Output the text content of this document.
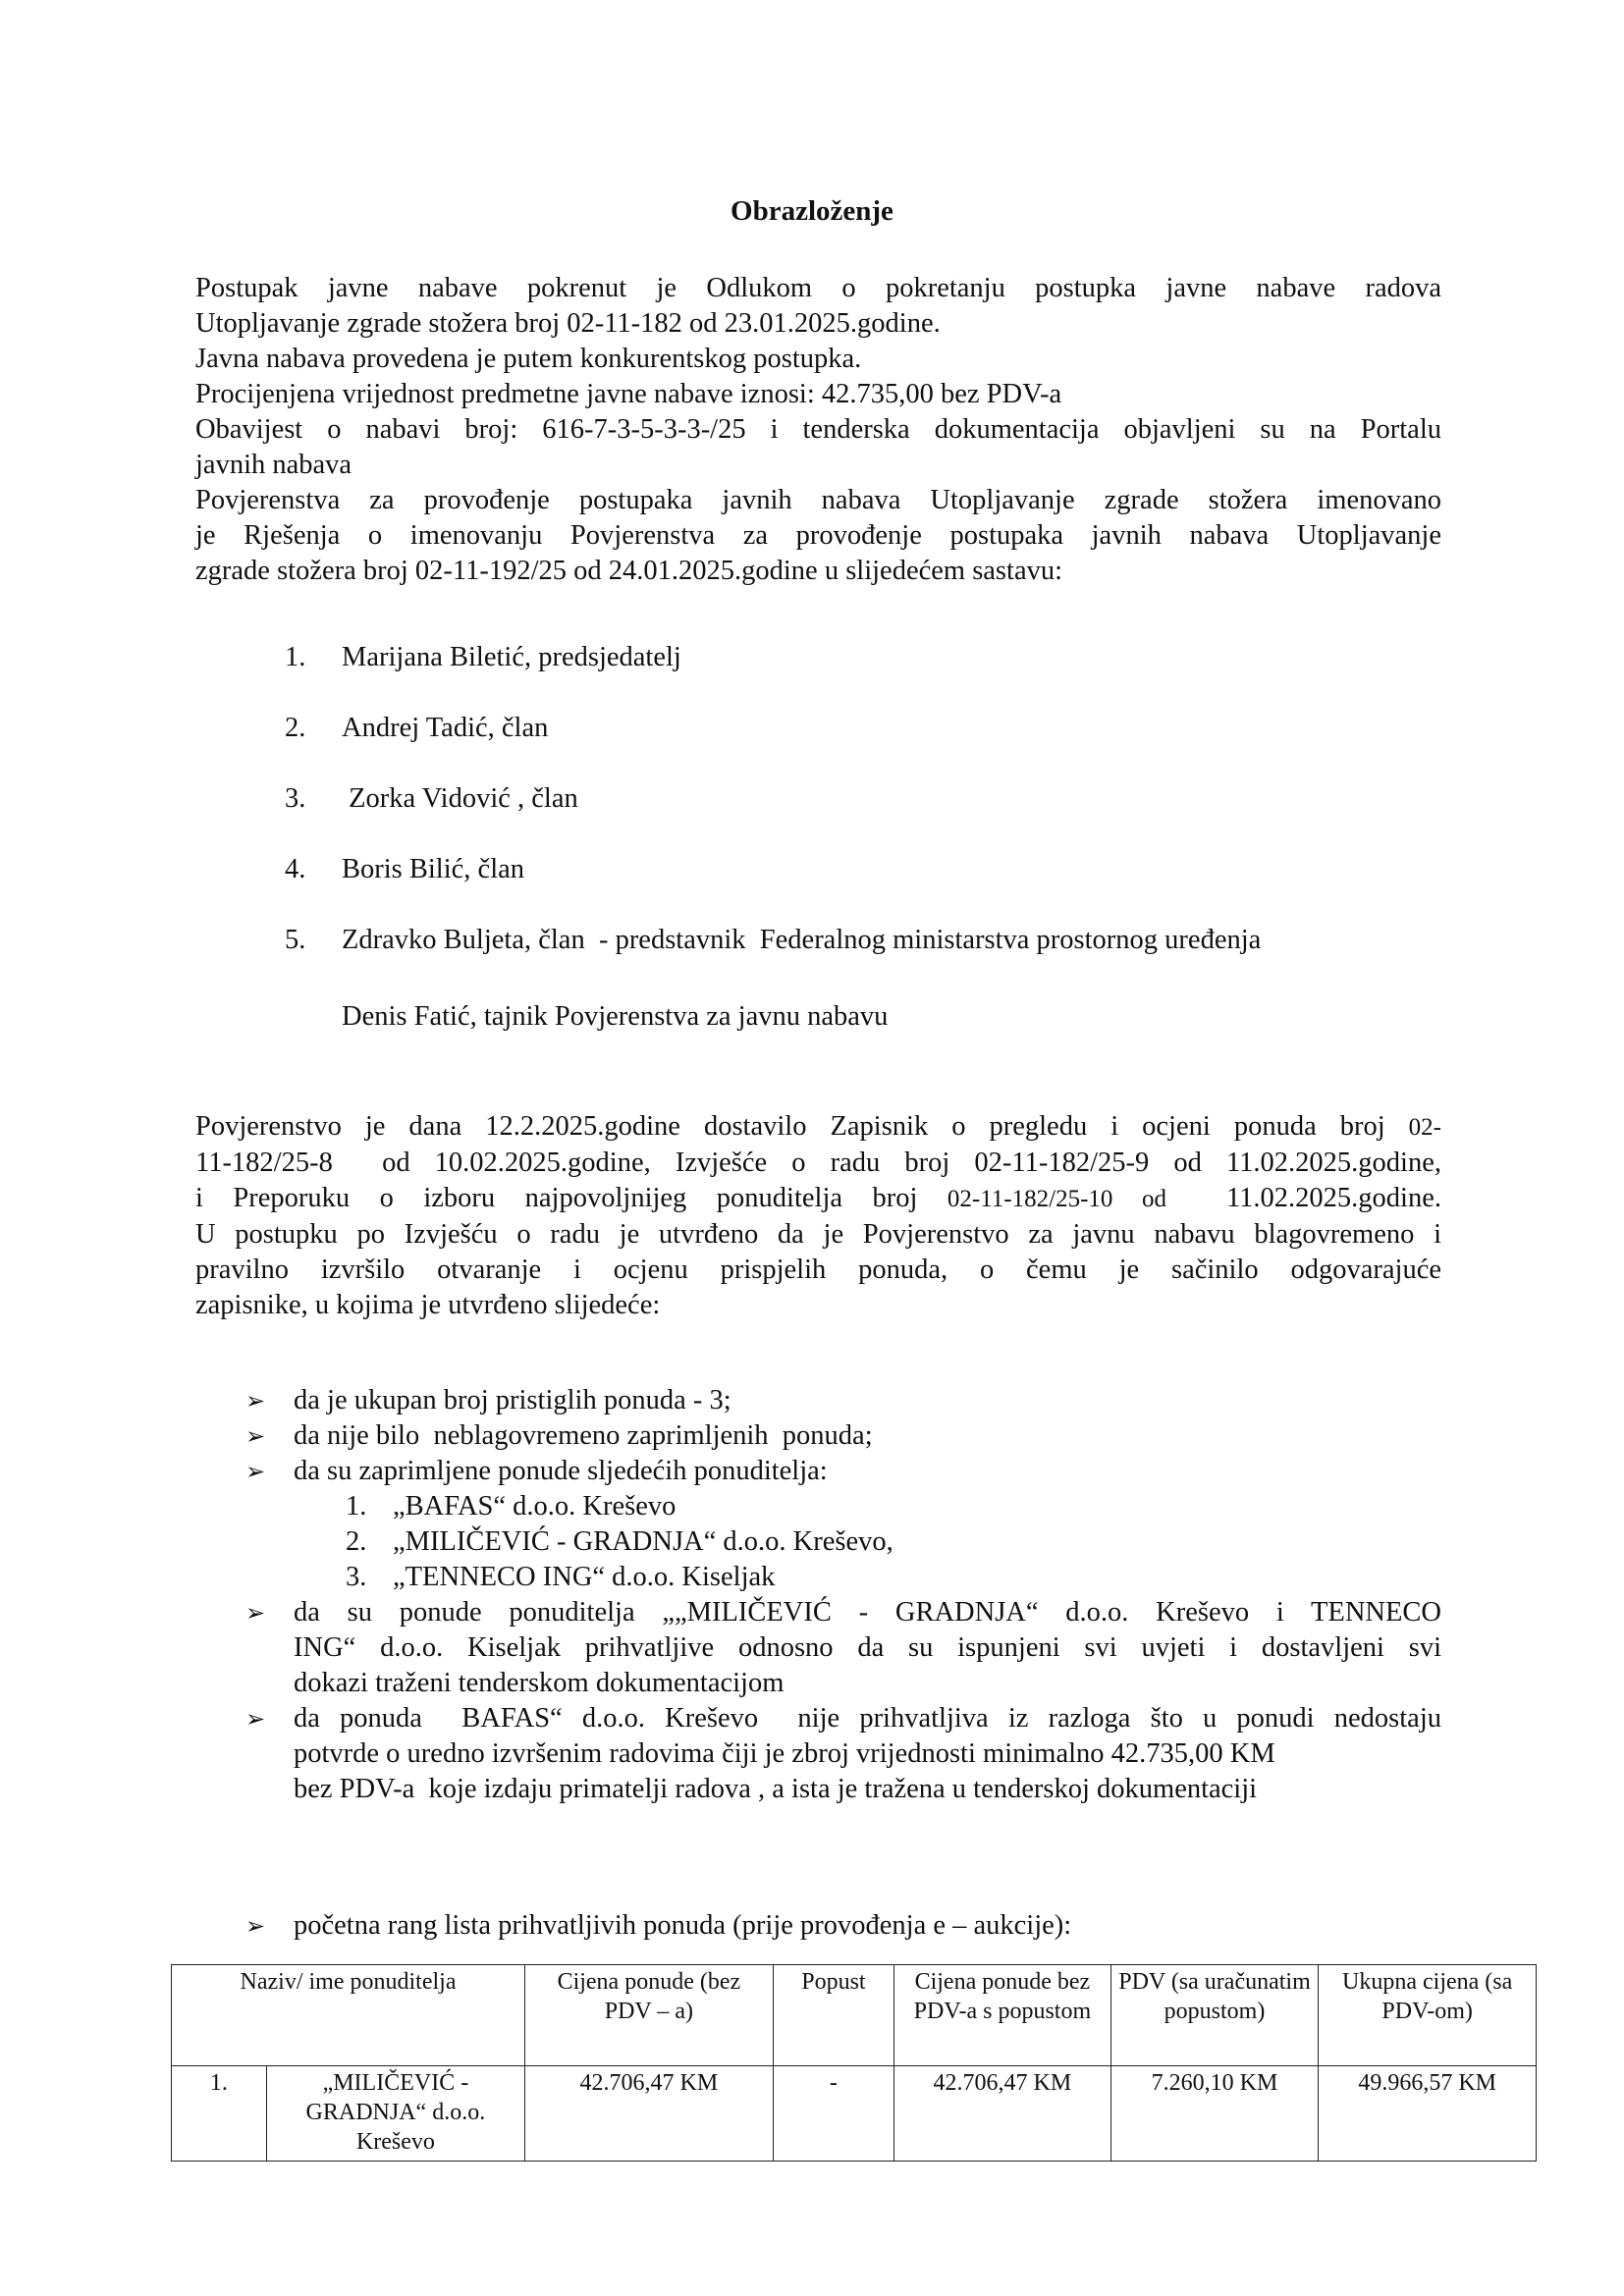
Obrazloženje

Postupak javne nabave pokrenut je Odlukom o pokretanju postupka javne nabave radova

Utopljavanje zgrade stožera broj 02-11-182 od 23.01.2025.godine.

Javna nabava provedena je putem konkurentskog postupka.

Procijenjena vrijednost predmetne javne nabave iznosi: 42.735,00 bez PDV-a

Obavijest o nabavi broj: 616-7-3-5-3-3-/25 i tenderska dokumentacija objavljeni su na Portalu

javnih nabava

Povjerenstva za provođenje postupaka javnih nabava Utopljavanje zgrade stožera imenovano

je Rješenja o imenovanju Povjerenstva za provođenje postupaka javnih nabava Utopljavanje

zgrade stožera broj 02-11-192/25 od 24.01.2025.godine u slijedećem sastavu:

1. Marijana Biletić, predsjedatelj
2. Andrej Tadić, član
3. Zorka Vidović , član
4. Boris Bilić, član
5. Zdravko Buljeta, član  - predstavnik  Federalnog ministarstva prostornog uređenja
Denis Fatić, tajnik Povjerenstva za javnu nabavu

Povjerenstvo je dana 12.2.2025.godine dostavilo Zapisnik o pregledu i ocjeni ponuda broj 02-

11-182/25-8  od 10.02.2025.godine, Izvješće o radu broj 02-11-182/25-9 od 11.02.2025.godine,

i Preporuku o izboru najpovoljnijeg ponuditelja broj 02-11-182/25-10 od  11.02.2025.godine.

U postupku po Izvješću o radu je utvrđeno da je Povjerenstvo za javnu nabavu blagovremeno i

pravilno izvršilo otvaranje i ocjenu prispjelih ponuda, o čemu je sačinilo odgovarajuće

zapisnike, u kojima je utvrđeno slijedeće:

➢ da je ukupan broj pristiglih ponuda - 3;
➢ da nije bilo  neblagovremeno zaprimljenih  ponuda;
➢ da su zaprimljene ponude sljedećih ponuditelja:
1. „BAFAS“ d.o.o. Kreševo
2. „MILIČEVIĆ - GRADNJA“ d.o.o. Kreševo,
3. „TENNECO ING“ d.o.o. Kiseljak
➢ da su ponude ponuditelja „„MILIČEVIĆ - GRADNJA“ d.o.o. Kreševo i TENNECO
ING“ d.o.o. Kiseljak prihvatljive odnosno da su ispunjeni svi uvjeti i dostavljeni svi
dokazi traženi tenderskom dokumentacijom
➢ da ponuda  BAFAS“ d.o.o. Kreševo  nije prihvatljiva iz razloga što u ponudi nedostaju
potvrde o uredno izvršenim radovima čiji je zbroj vrijednosti minimalno 42.735,00 KM
bez PDV-a  koje izdaju primatelji radova , a ista je tražena u tenderskoj dokumentaciji
➢ početna rang lista prihvatljivih ponuda (prije provođenja e – aukcije):
Naziv/ ime ponuditelja		Cijena ponude (bez PDV – a)	Popust	Cijena ponude bez PDV-a s popustom	PDV (sa uračunatim popustom)	Ukupna cijena (sa PDV-om)
1.	„MILIČEVIĆ - GRADNJA“ d.o.o. Kreševo	42.706,47 KM	-	42.706,47 KM	7.260,10 KM	49.966,57 KM
